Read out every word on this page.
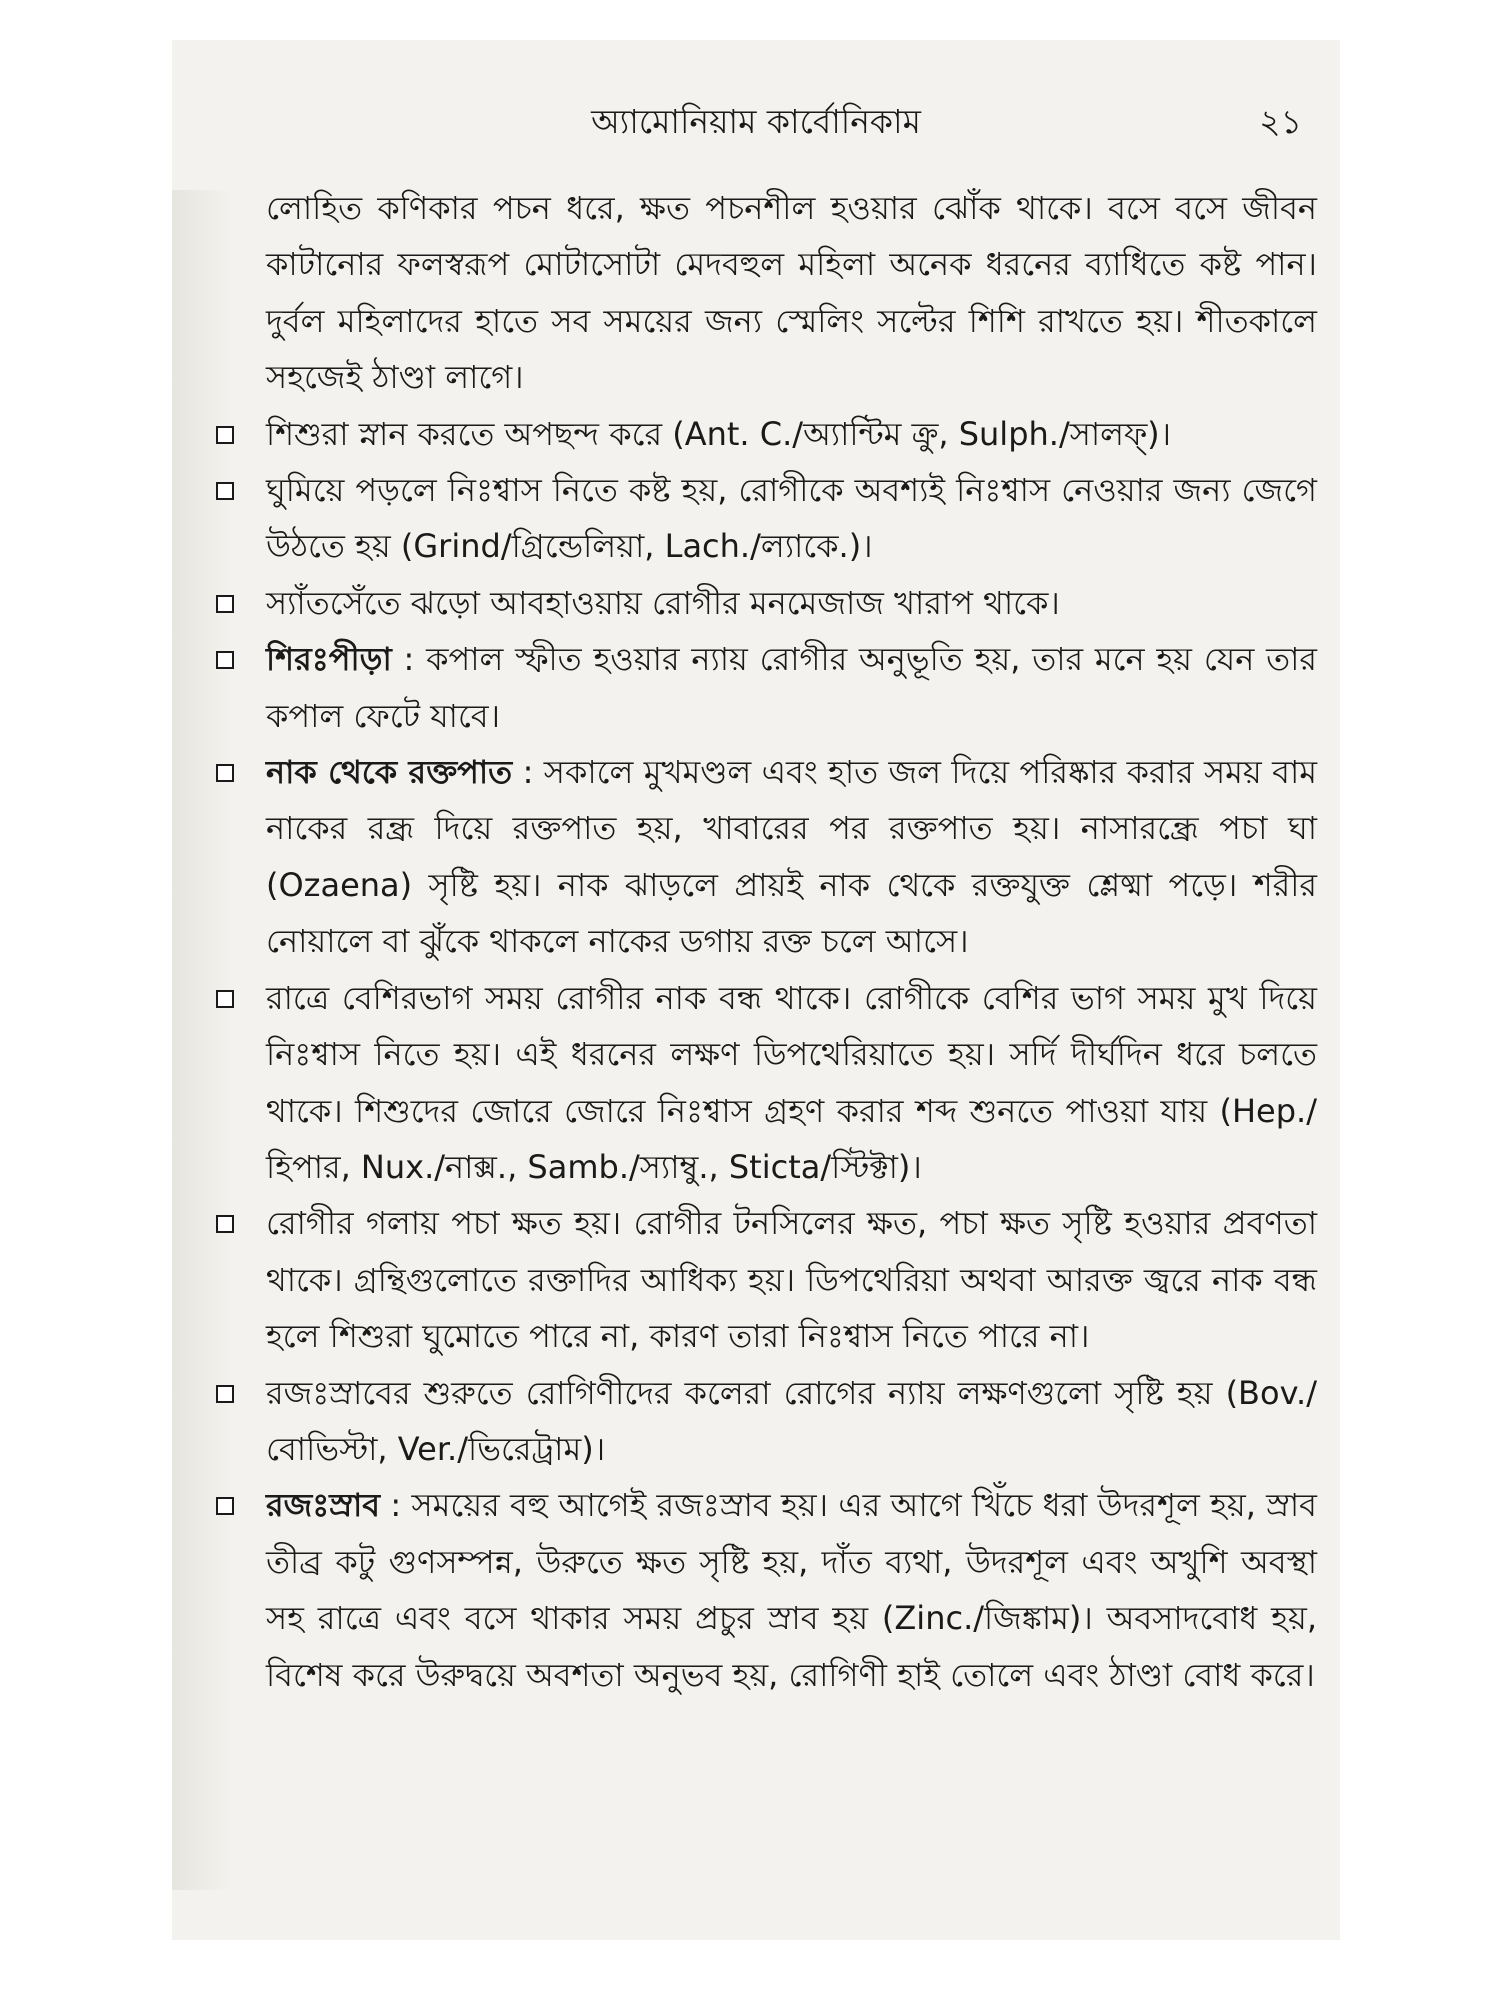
অ্যামোনিয়াম কার্বোনিকাম	২১

লোহিত কণিকার পচন ধরে, ক্ষত পচনশীল হওয়ার ঝোঁক থাকে। বসে বসে জীবন কাটানোর ফলস্বরূপ মোটাসোটা মেদবহুল মহিলা অনেক ধরনের ব্যাধিতে কষ্ট পান। দুর্বল মহিলাদের হাতে সব সময়ের জন্য স্মেলিং সল্টের শিশি রাখতে হয়। শীতকালে সহজেই ঠাণ্ডা লাগে।

শিশুরা স্নান করতে অপছন্দ করে (Ant. C./অ্যান্টিম ক্রু, Sulph./সালফ্)।

ঘুমিয়ে পড়লে নিঃশ্বাস নিতে কষ্ট হয়, রোগীকে অবশ্যই নিঃশ্বাস নেওয়ার জন্য জেগে উঠতে হয় (Grind/গ্রিন্ডেলিয়া, Lach./ল্যাকে.)।

স্যাঁতসেঁতে ঝড়ো আবহাওয়ায় রোগীর মনমেজাজ খারাপ থাকে।

শিরঃপীড়া : কপাল স্ফীত হওয়ার ন্যায় রোগীর অনুভূতি হয়, তার মনে হয় যেন তার কপাল ফেটে যাবে।

নাক থেকে রক্তপাত : সকালে মুখমণ্ডল এবং হাত জল দিয়ে পরিষ্কার করার সময় বাম নাকের রন্ধ্র দিয়ে রক্তপাত হয়, খাবারের পর রক্তপাত হয়। নাসারন্ধ্রে পচা ঘা (Ozaena) সৃষ্টি হয়। নাক ঝাড়লে প্রায়ই নাক থেকে রক্তযুক্ত শ্লেষ্মা পড়ে। শরীর নোয়ালে বা ঝুঁকে থাকলে নাকের ডগায় রক্ত চলে আসে।

রাত্রে বেশিরভাগ সময় রোগীর নাক বন্ধ থাকে। রোগীকে বেশির ভাগ সময় মুখ দিয়ে নিঃশ্বাস নিতে হয়। এই ধরনের লক্ষণ ডিপথেরিয়াতে হয়। সর্দি দীর্ঘদিন ধরে চলতে থাকে। শিশুদের জোরে জোরে নিঃশ্বাস গ্রহণ করার শব্দ শুনতে পাওয়া যায় (Hep./হিপার, Nux./নাক্স., Samb./স্যাম্বু., Sticta/স্টিক্টা)।

রোগীর গলায় পচা ক্ষত হয়। রোগীর টনসিলের ক্ষত, পচা ক্ষত সৃষ্টি হওয়ার প্রবণতা থাকে। গ্রন্থিগুলোতে রক্তাদির আধিক্য হয়। ডিপথেরিয়া অথবা আরক্ত জ্বরে নাক বন্ধ হলে শিশুরা ঘুমোতে পারে না, কারণ তারা নিঃশ্বাস নিতে পারে না।

রজঃস্রাবের শুরুতে রোগিণীদের কলেরা রোগের ন্যায় লক্ষণগুলো সৃষ্টি হয় (Bov./বোভিস্টা, Ver./ভিরেট্রাম)।

রজঃস্রাব : সময়ের বহু আগেই রজঃস্রাব হয়। এর আগে খিঁচে ধরা উদরশূল হয়, স্রাব তীব্র কটু গুণসম্পন্ন, উরুতে ক্ষত সৃষ্টি হয়, দাঁত ব্যথা, উদরশূল এবং অখুশি অবস্থা সহ রাত্রে এবং বসে থাকার সময় প্রচুর স্রাব হয় (Zinc./জিঙ্কাম)। অবসাদবোধ হয়, বিশেষ করে উরুদ্বয়ে অবশতা অনুভব হয়, রোগিণী হাই তোলে এবং ঠাণ্ডা বোধ করে।
